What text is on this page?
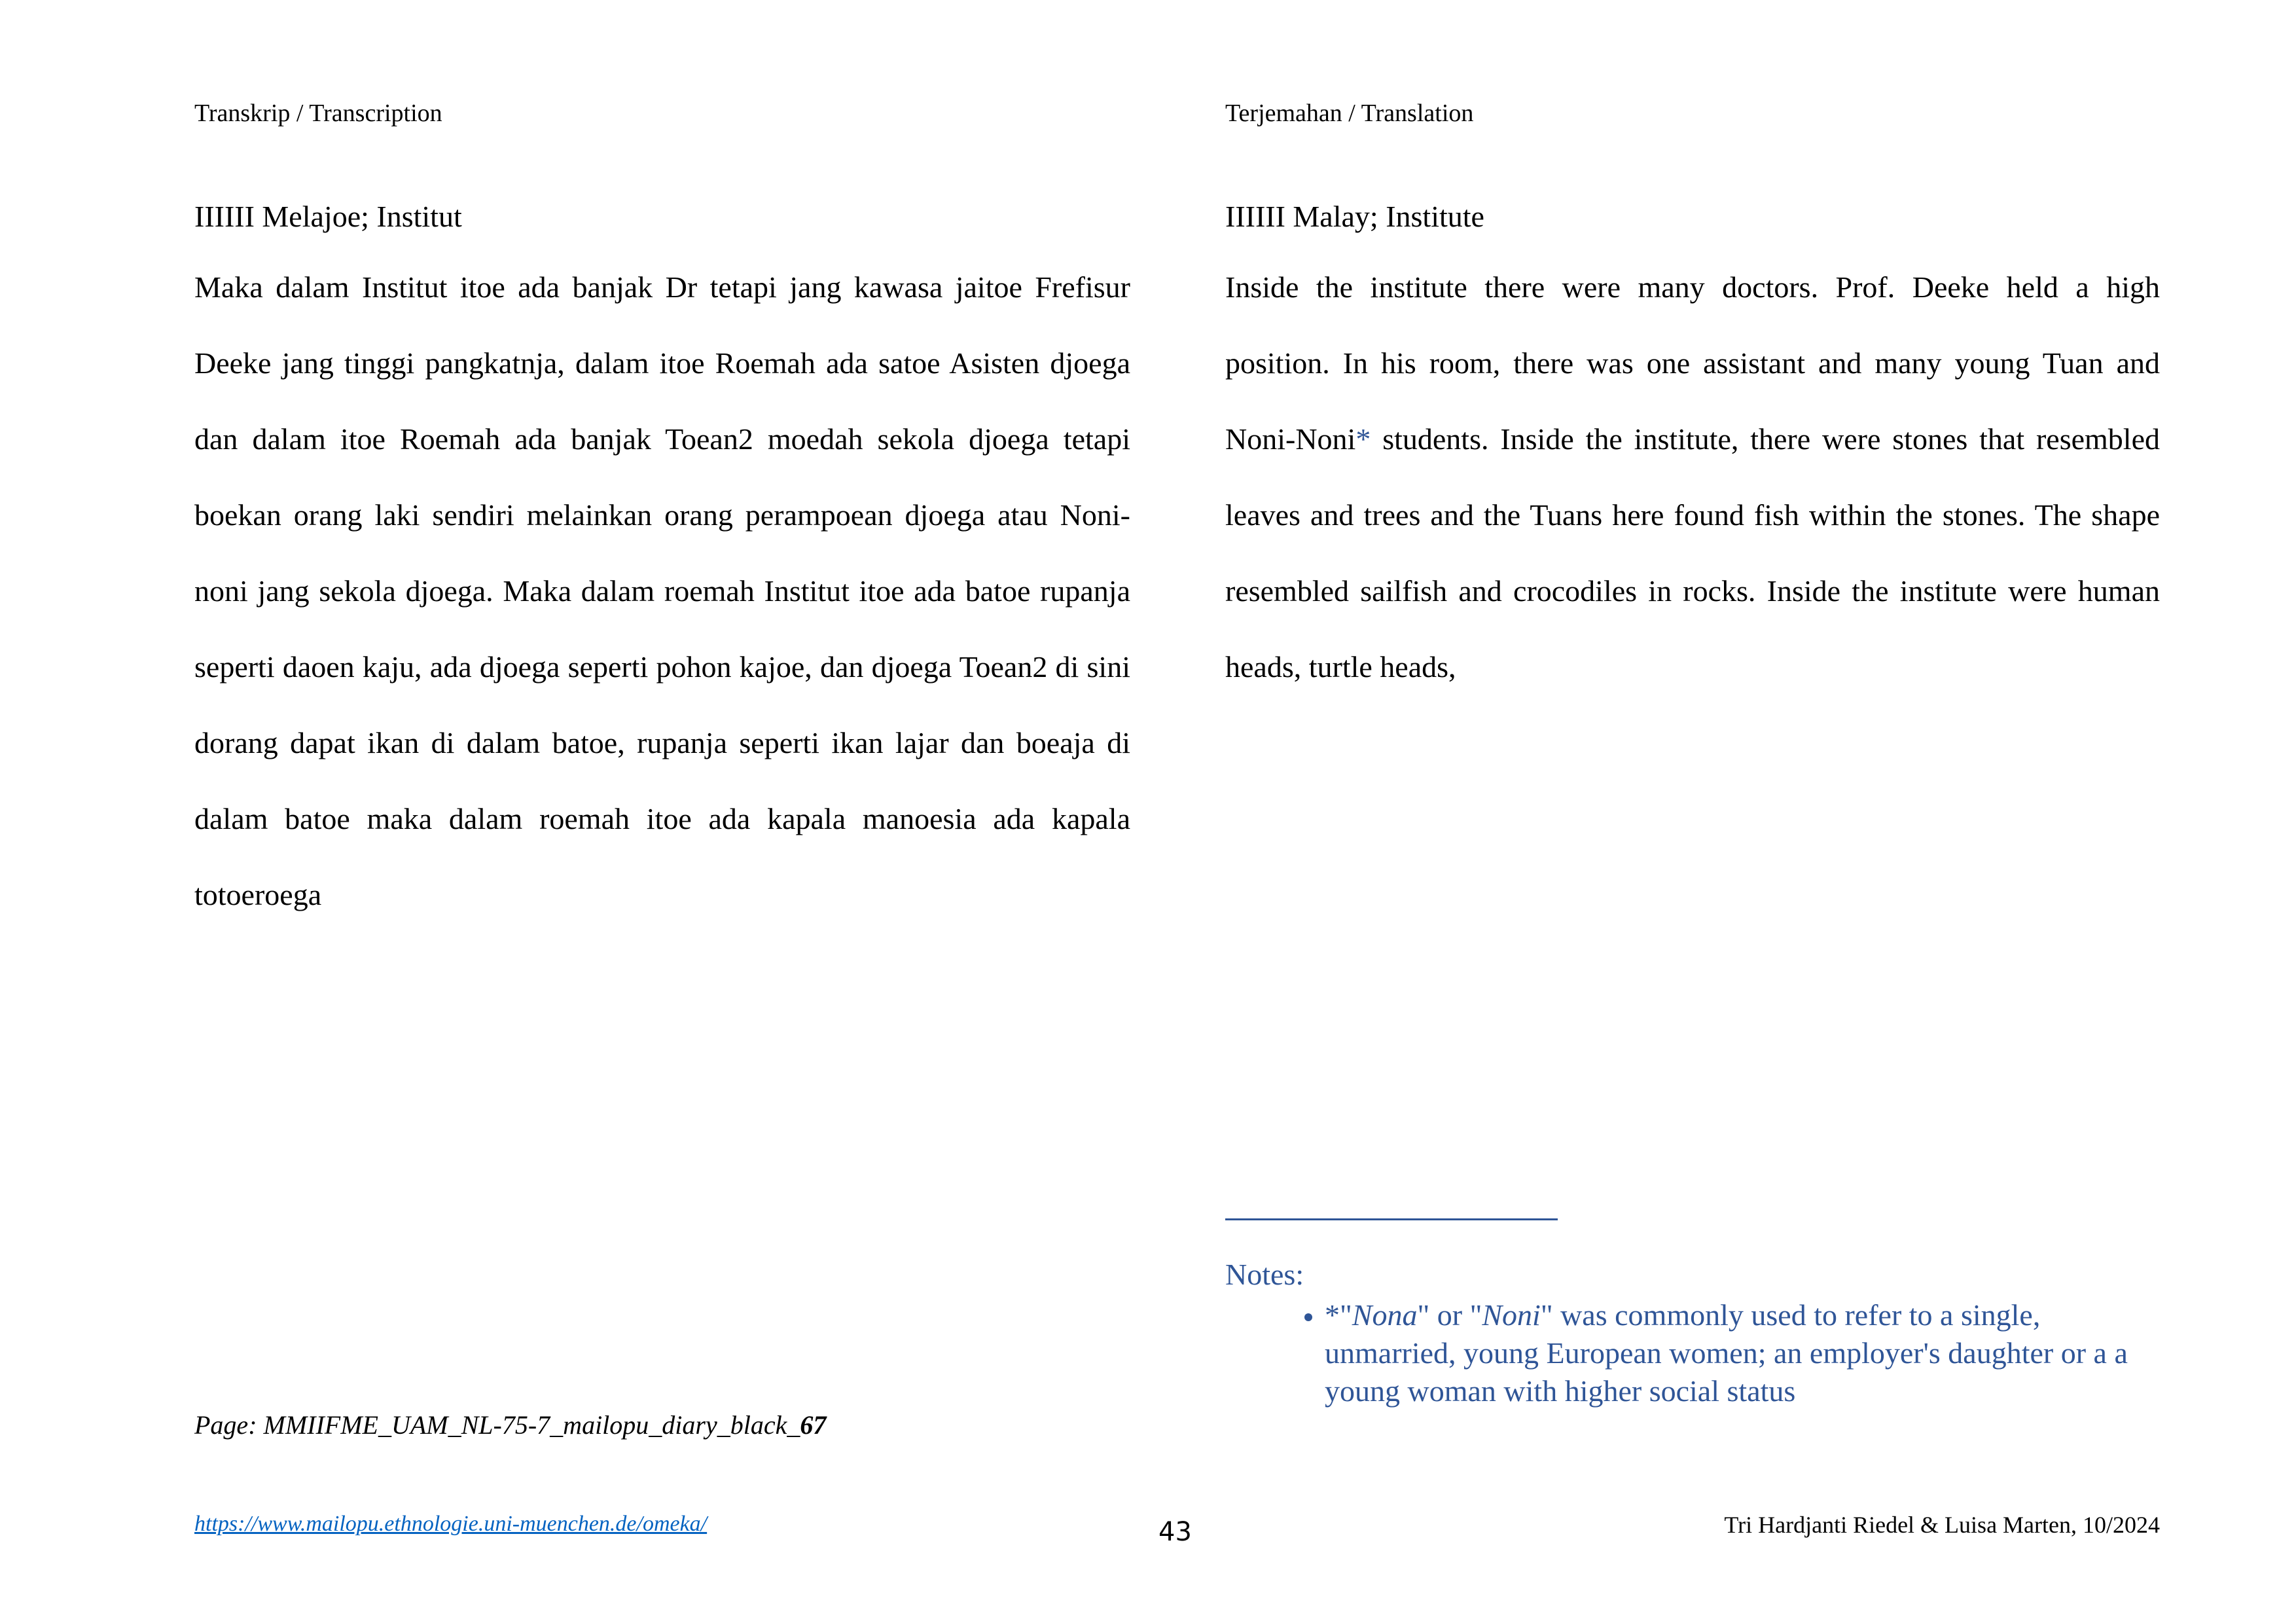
Transkrip / Transcription	Terjemahan / Translation

IIIIII Melajoe; Institut

Maka dalam Institut itoe ada banjak Dr tetapi jang kawasa jaitoe Frefisur Deeke jang tinggi pangkatnja, dalam itoe Roemah ada satoe Asisten djoega dan dalam itoe Roemah ada banjak Toean2 moedah sekola djoega tetapi boekan orang laki sendiri melainkan orang perampoean djoega atau Noni-noni jang sekola djoega. Maka dalam roemah Institut itoe ada batoe rupanja seperti daoen kaju, ada djoega seperti pohon kajoe, dan djoega Toean2 di sini dorang dapat ikan di dalam batoe, rupanja seperti ikan lajar dan boeaja di dalam batoe maka dalam roemah itoe ada kapala manoesia ada kapala totoeroega

IIIIII Malay; Institute

Inside the institute there were many doctors. Prof. Deeke held a high position. In his room, there was one assistant and many young Tuan and Noni-Noni* students. Inside the institute, there were stones that resembled leaves and trees and the Tuans here found fish within the stones. The shape resembled sailfish and crocodiles in rocks. Inside the institute were human heads, turtle heads,

Notes:

• *"Nona" or "Noni" was commonly used to refer to a single, unmarried, young European women; an employer's daughter or a a young woman with higher social status
Page: MMIIFME_UAM_NL-75-7_mailopu_diary_black_67
https://www.mailopu.ethnologie.uni-muenchen.de/omeka/	43	Tri Hardjanti Riedel & Luisa Marten, 10/2024
